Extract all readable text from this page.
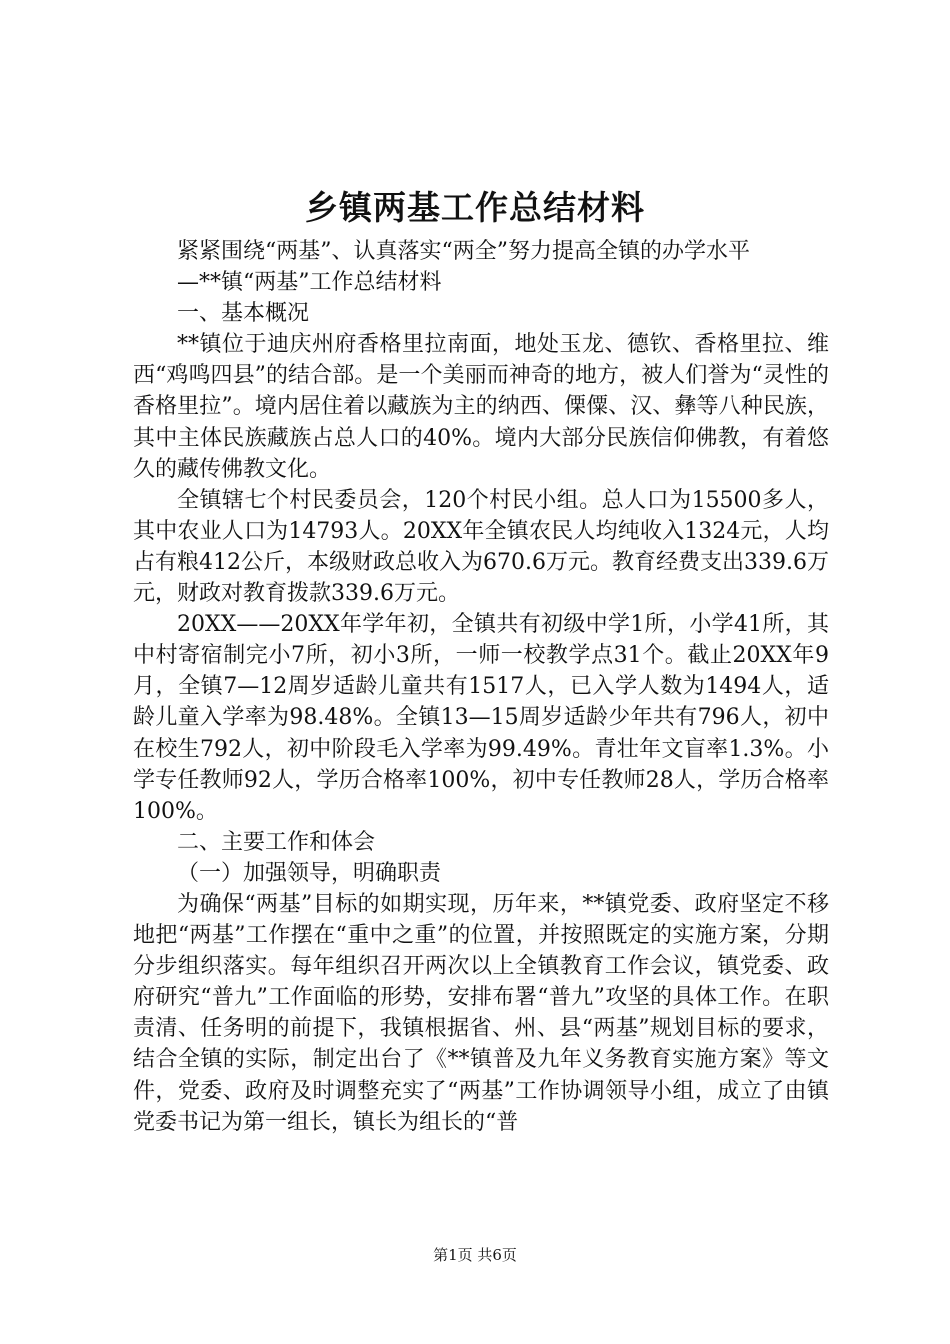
乡镇两基工作总结材料

紧紧围绕“两基”、认真落实“两全”努力提高全镇的办学水平

—**镇“两基”工作总结材料

一、基本概况

**镇位于迪庆州府香格里拉南面，地处玉龙、德钦、香格里拉、维西“鸡鸣四县”的结合部。是一个美丽而神奇的地方，被人们誉为“灵性的香格里拉”。境内居住着以藏族为主的纳西、傈僳、汉、彝等八种民族，其中主体民族藏族占总人口的40%。境内大部分民族信仰佛教，有着悠久的藏传佛教文化。

全镇辖七个村民委员会，120个村民小组。总人口为15500多人，其中农业人口为14793人。20XX年全镇农民人均纯收入1324元，人均占有粮412公斤，本级财政总收入为670.6万元。教育经费支出339.6万元，财政对教育拨款339.6万元。

20XX——20XX年学年初，全镇共有初级中学1所，小学41所，其中村寄宿制完小7所，初小3所，一师一校教学点31个。截止20XX年9月，全镇7—12周岁适龄儿童共有1517人，已入学人数为1494人，适龄儿童入学率为98.48%。全镇13—15周岁适龄少年共有796人，初中在校生792人，初中阶段毛入学率为99.49%。青壮年文盲率1.3%。小学专任教师92人，学历合格率100%，初中专任教师28人，学历合格率100%。

二、主要工作和体会

（一）加强领导，明确职责

为确保“两基”目标的如期实现，历年来，**镇党委、政府坚定不移地把“两基”工作摆在“重中之重”的位置，并按照既定的实施方案，分期分步组织落实。每年组织召开两次以上全镇教育工作会议，镇党委、政府研究“普九”工作面临的形势，安排布署“普九”攻坚的具体工作。在职责清、任务明的前提下，我镇根据省、州、县“两基”规划目标的要求，结合全镇的实际，制定出台了《**镇普及九年义务教育实施方案》等文件，党委、政府及时调整充实了“两基”工作协调领导小组，成立了由镇党委书记为第一组长，镇长为组长的“普

第1页 共6页
